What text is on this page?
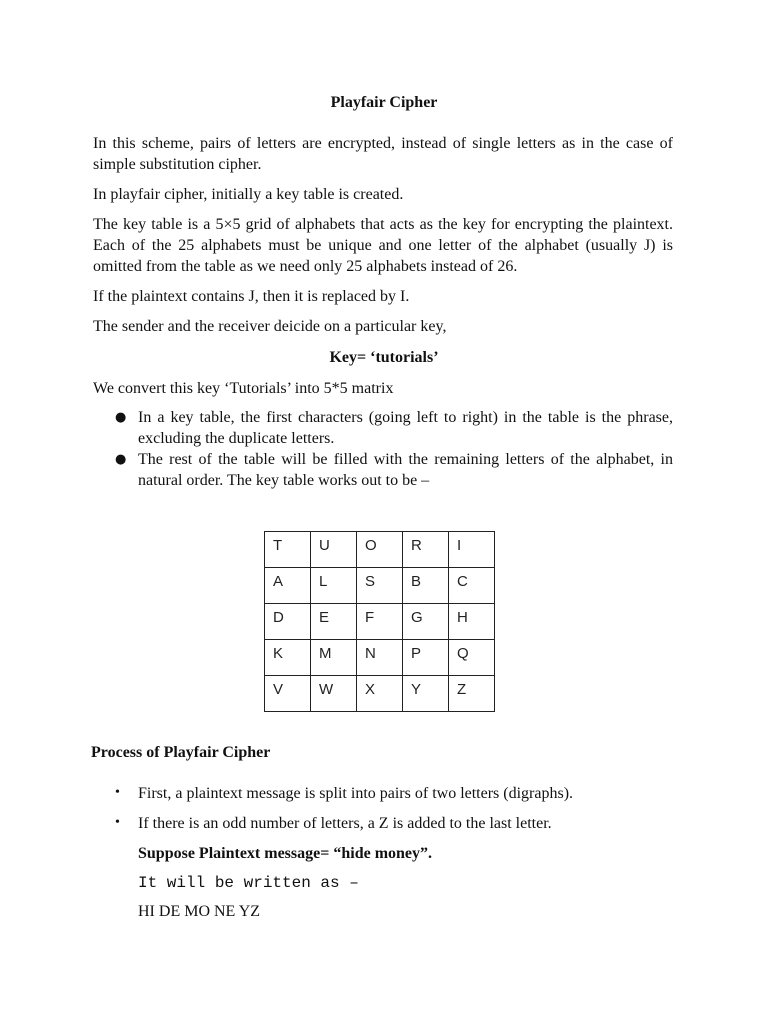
Playfair Cipher
In this scheme, pairs of letters are encrypted, instead of single letters as in the case of simple substitution cipher.
In playfair cipher, initially a key table is created.
The key table is a 5×5 grid of alphabets that acts as the key for encrypting the plaintext. Each of the 25 alphabets must be unique and one letter of the alphabet (usually J) is omitted from the table as we need only 25 alphabets instead of 26.
If the plaintext contains J, then it is replaced by I.
The sender and the receiver deicide on a particular key,
Key= ‘tutorials’
We convert this key ‘Tutorials’ into 5*5 matrix
● In a key table, the first characters (going left to right) in the table is the phrase, excluding the duplicate letters.
● The rest of the table will be filled with the remaining letters of the alphabet, in natural order. The key table works out to be –
T	U	O	R	I
A	L	S	B	C
D	E	F	G	H
K	M	N	P	Q
V	W	X	Y	Z
Process of Playfair Cipher
• First, a plaintext message is split into pairs of two letters (digraphs).
• If there is an odd number of letters, a Z is added to the last letter.
Suppose Plaintext message= “hide money”.
It will be written as –
HI DE MO NE YZ
